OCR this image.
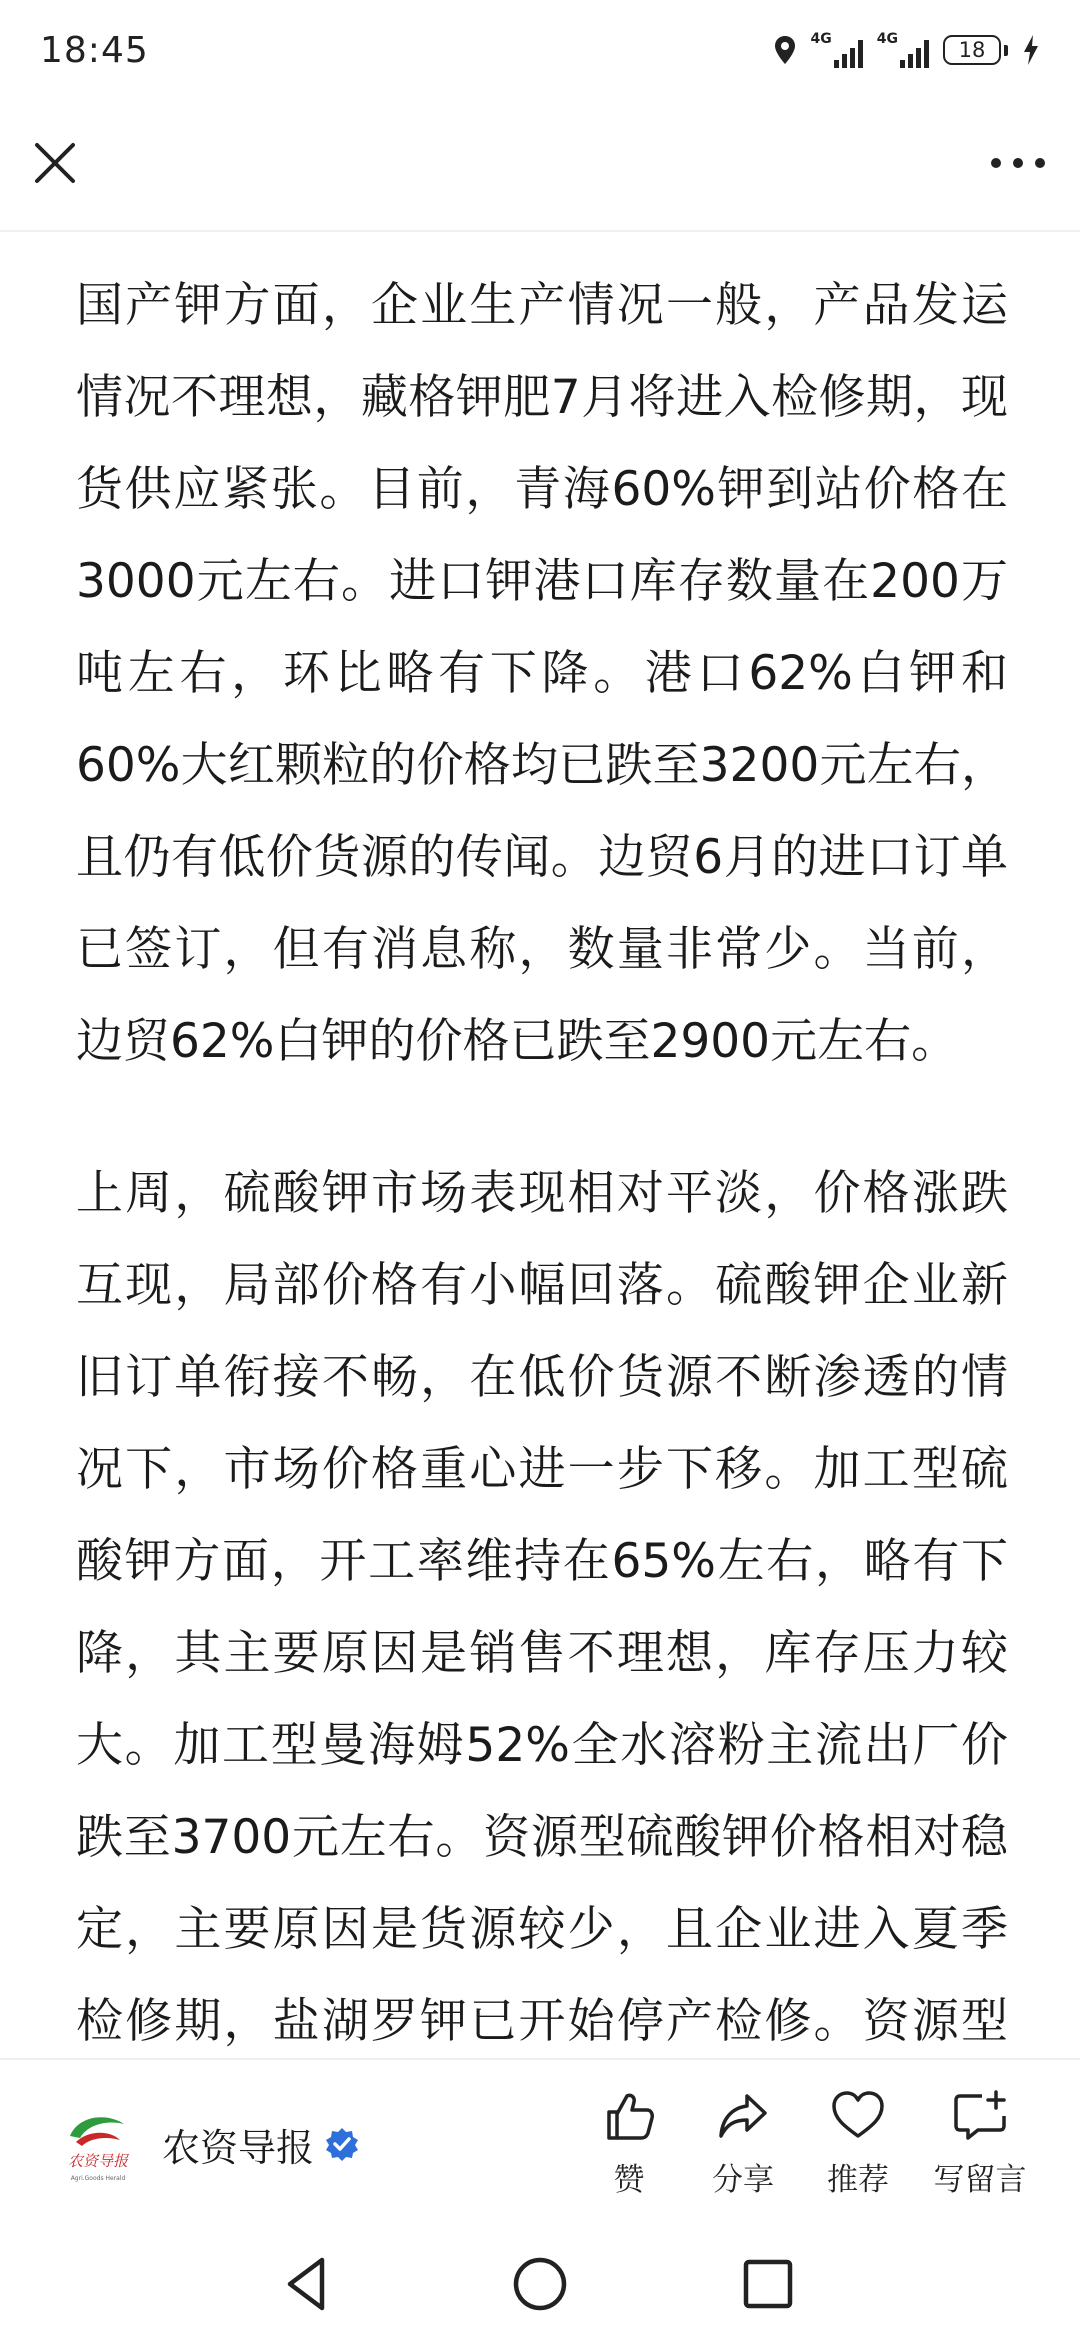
18:45	4G	4G	18

国产钾方面，企业生产情况一般，产品发运情况不理想，藏格钾肥7月将进入检修期，现货供应紧张。目前，青海60%钾到站价格在3000元左右。进口钾港口库存数量在200万吨左右，环比略有下降。港口62%白钾和60%大红颗粒的价格均已跌至3200元左右，且仍有低价货源的传闻。边贸6月的进口订单已签订，但有消息称，数量非常少。当前，边贸62%白钾的价格已跌至2900元左右。

上周，硫酸钾市场表现相对平淡，价格涨跌互现，局部价格有小幅回落。硫酸钾企业新旧订单衔接不畅，在低价货源不断渗透的情况下，市场价格重心进一步下移。加工型硫酸钾方面，开工率维持在65%左右，略有下降，其主要原因是销售不理想，库存压力较大。加工型曼海姆52%全水溶粉主流出厂价跌至3700元左右。资源型硫酸钾价格相对稳定，主要原因是货源较少，且企业进入夏季检修期，盐湖罗钾已开始停产检修。资源型

农资导报
Agri.Goods Herald
农资导报
赞	分享	推荐	写留言
